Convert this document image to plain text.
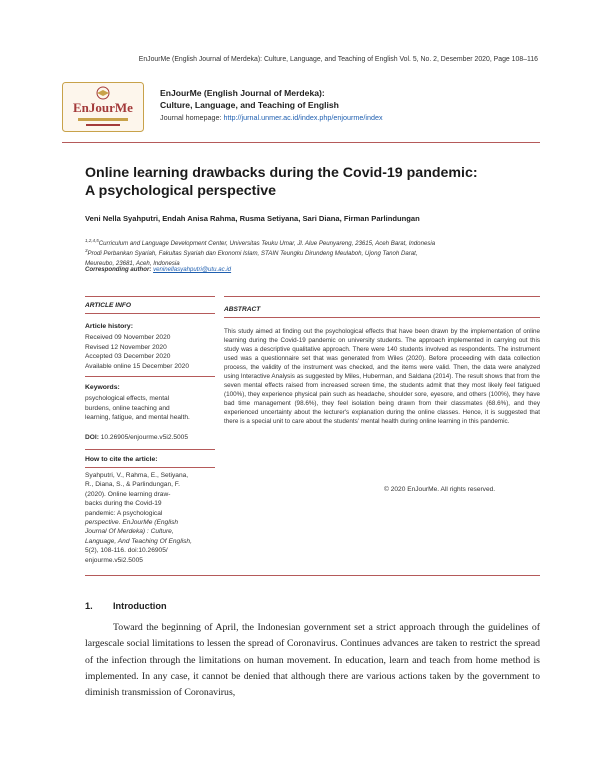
EnJourMe (English Journal of Merdeka): Culture, Language, and Teaching of English Vol. 5, No. 2, Desember 2020, Page 108–116
EnJourMe
EnJourMe (English Journal of Merdeka):
Culture, Language, and Teaching of English
Journal homepage: http://jurnal.unmer.ac.id/index.php/enjourme/index
Online learning drawbacks during the Covid-19 pandemic:
A psychological perspective
Veni Nella Syahputri, Endah Anisa Rahma, Rusma Setiyana, Sari Diana, Firman Parlindungan
$^{1,2,4,5}$Curriculum and Language Development Center, Universitas Teuku Umar, Jl. Alue Peunyareng, 23615, Aceh Barat, Indonesia
$^3$Prodi Perbankan Syariah, Fakultas Syariah dan Ekonomi Islam, STAIN Teungku Dirundeng Meulaboh, Ujong Tanoh Darat,
Meureubo, 23681, Aceh, Indonesia
Corresponding author: veninellasyahputri@utu.ac.id
ARTICLE INFO
ABSTRACT
Article history:
Received 09 November 2020
Revised 12 November 2020
Accepted 03 December 2020
Available online 15 December 2020
Keywords:
psychological effects, mental
burdens, online teaching and
learning, fatigue, and mental health.
DOI: 10.26905/enjourme.v5i2.5005
How to cite the article:
Syahputri, V., Rahma, E., Setiyana,
R., Diana, S., & Parlindungan, F.
(2020). Online learning draw-
backs during the Covid-19
pandemic: A psychological
perspective. EnJourMe (English
Journal Of Merdeka) : Culture,
Language, And Teaching Of English,
5(2), 108-116. doi:10.26905/
enjourme.v5i2.5005
This study aimed at finding out the psychological effects that have been drawn by the implementation of online learning during the Covid-19 pandemic on university students. The approach implemented in carrying out this study was a descriptive qualitative approach. There were 140 students involved as respondents. The instrument used was a questionnaire set that was generated from Wiles (2020). Before proceeding with data collection process, the validity of the instrument was checked, and the items were valid. Then, the data were analyzed using Interactive Analysis as suggested by Miles, Huberman, and Saldana (2014). The result shows that from the seven mental effects raised from increased screen time, the students admit that they most likely feel fatigued (100%), they experience physical pain such as headache, shoulder sore, eyesore, and others (100%), they have bad time management (98.6%), they feel isolation being drawn from their classmates (68.6%), and they experienced uncertainty about the lecturer's explanation during the online classes. Hence, it is suggested that there is a special unit to care about the students' mental health during online learning in this pandemic.
© 2020 EnJourMe. All rights reserved.
1. Introduction
Toward the beginning of April, the Indonesian government set a strict approach through the guidelines of largescale social limitations to lessen the spread of Coronavirus. Continues advances are taken to restrict the spread of the infection through the limitations on human movement. In education, learn and teach from home method is implemented. In any case, it cannot be denied that although there are various actions taken by the government to diminish transmission of Coronavirus,
